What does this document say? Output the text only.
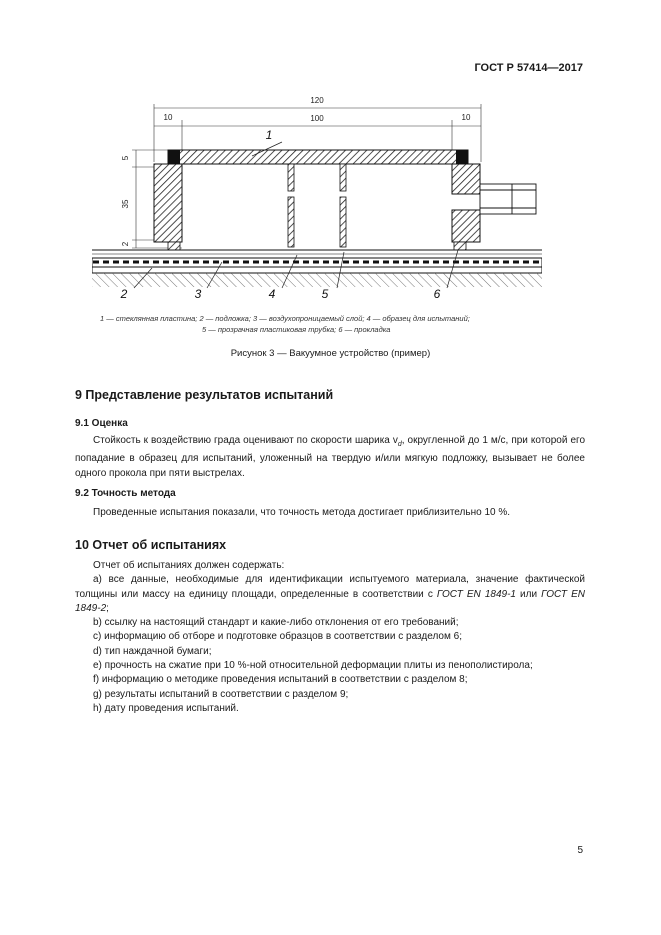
ГОСТ Р 57414—2017
120
10	100	10
35
5
2
1
2	3	4	5	6
1 — стеклянная пластина; 2 — подложка; 3 — воздухопроницаемый слой; 4 — образец для испытаний;
5 — прозрачная пластиковая трубка; 6 — прокладка
Рисунок 3 — Вакуумное устройство (пример)
9 Представление результатов испытаний
9.1 Оценка

Стойкость к воздействию града оценивают по скорости шарика $v_d$, округленной до 1 м/с, при которой его попадание в образец для испытаний, уложенный на твердую и/или мягкую подложку, вызывает не более одного прокола при пяти выстрелах.

9.2 Точность метода

Проведенные испытания показали, что точность метода достигает приблизительно 10 %.

10 Отчет об испытаниях

Отчет об испытаниях должен содержать:

a) все данные, необходимые для идентификации испытуемого материала, значение фактической толщины или массу на единицу площади, определенные в соответствии с ГОСТ EN 1849-1 или ГОСТ EN 1849-2;

b) ссылку на настоящий стандарт и какие-либо отклонения от его требований;

c) информацию об отборе и подготовке образцов в соответствии с разделом 6;

d) тип наждачной бумаги;

e) прочность на сжатие при 10 %-ной относительной деформации плиты из пенополистирола;

f) информацию о методике проведения испытаний в соответствии с разделом 8;

g) результаты испытаний в соответствии с разделом 9;

h) дату проведения испытаний.

5
